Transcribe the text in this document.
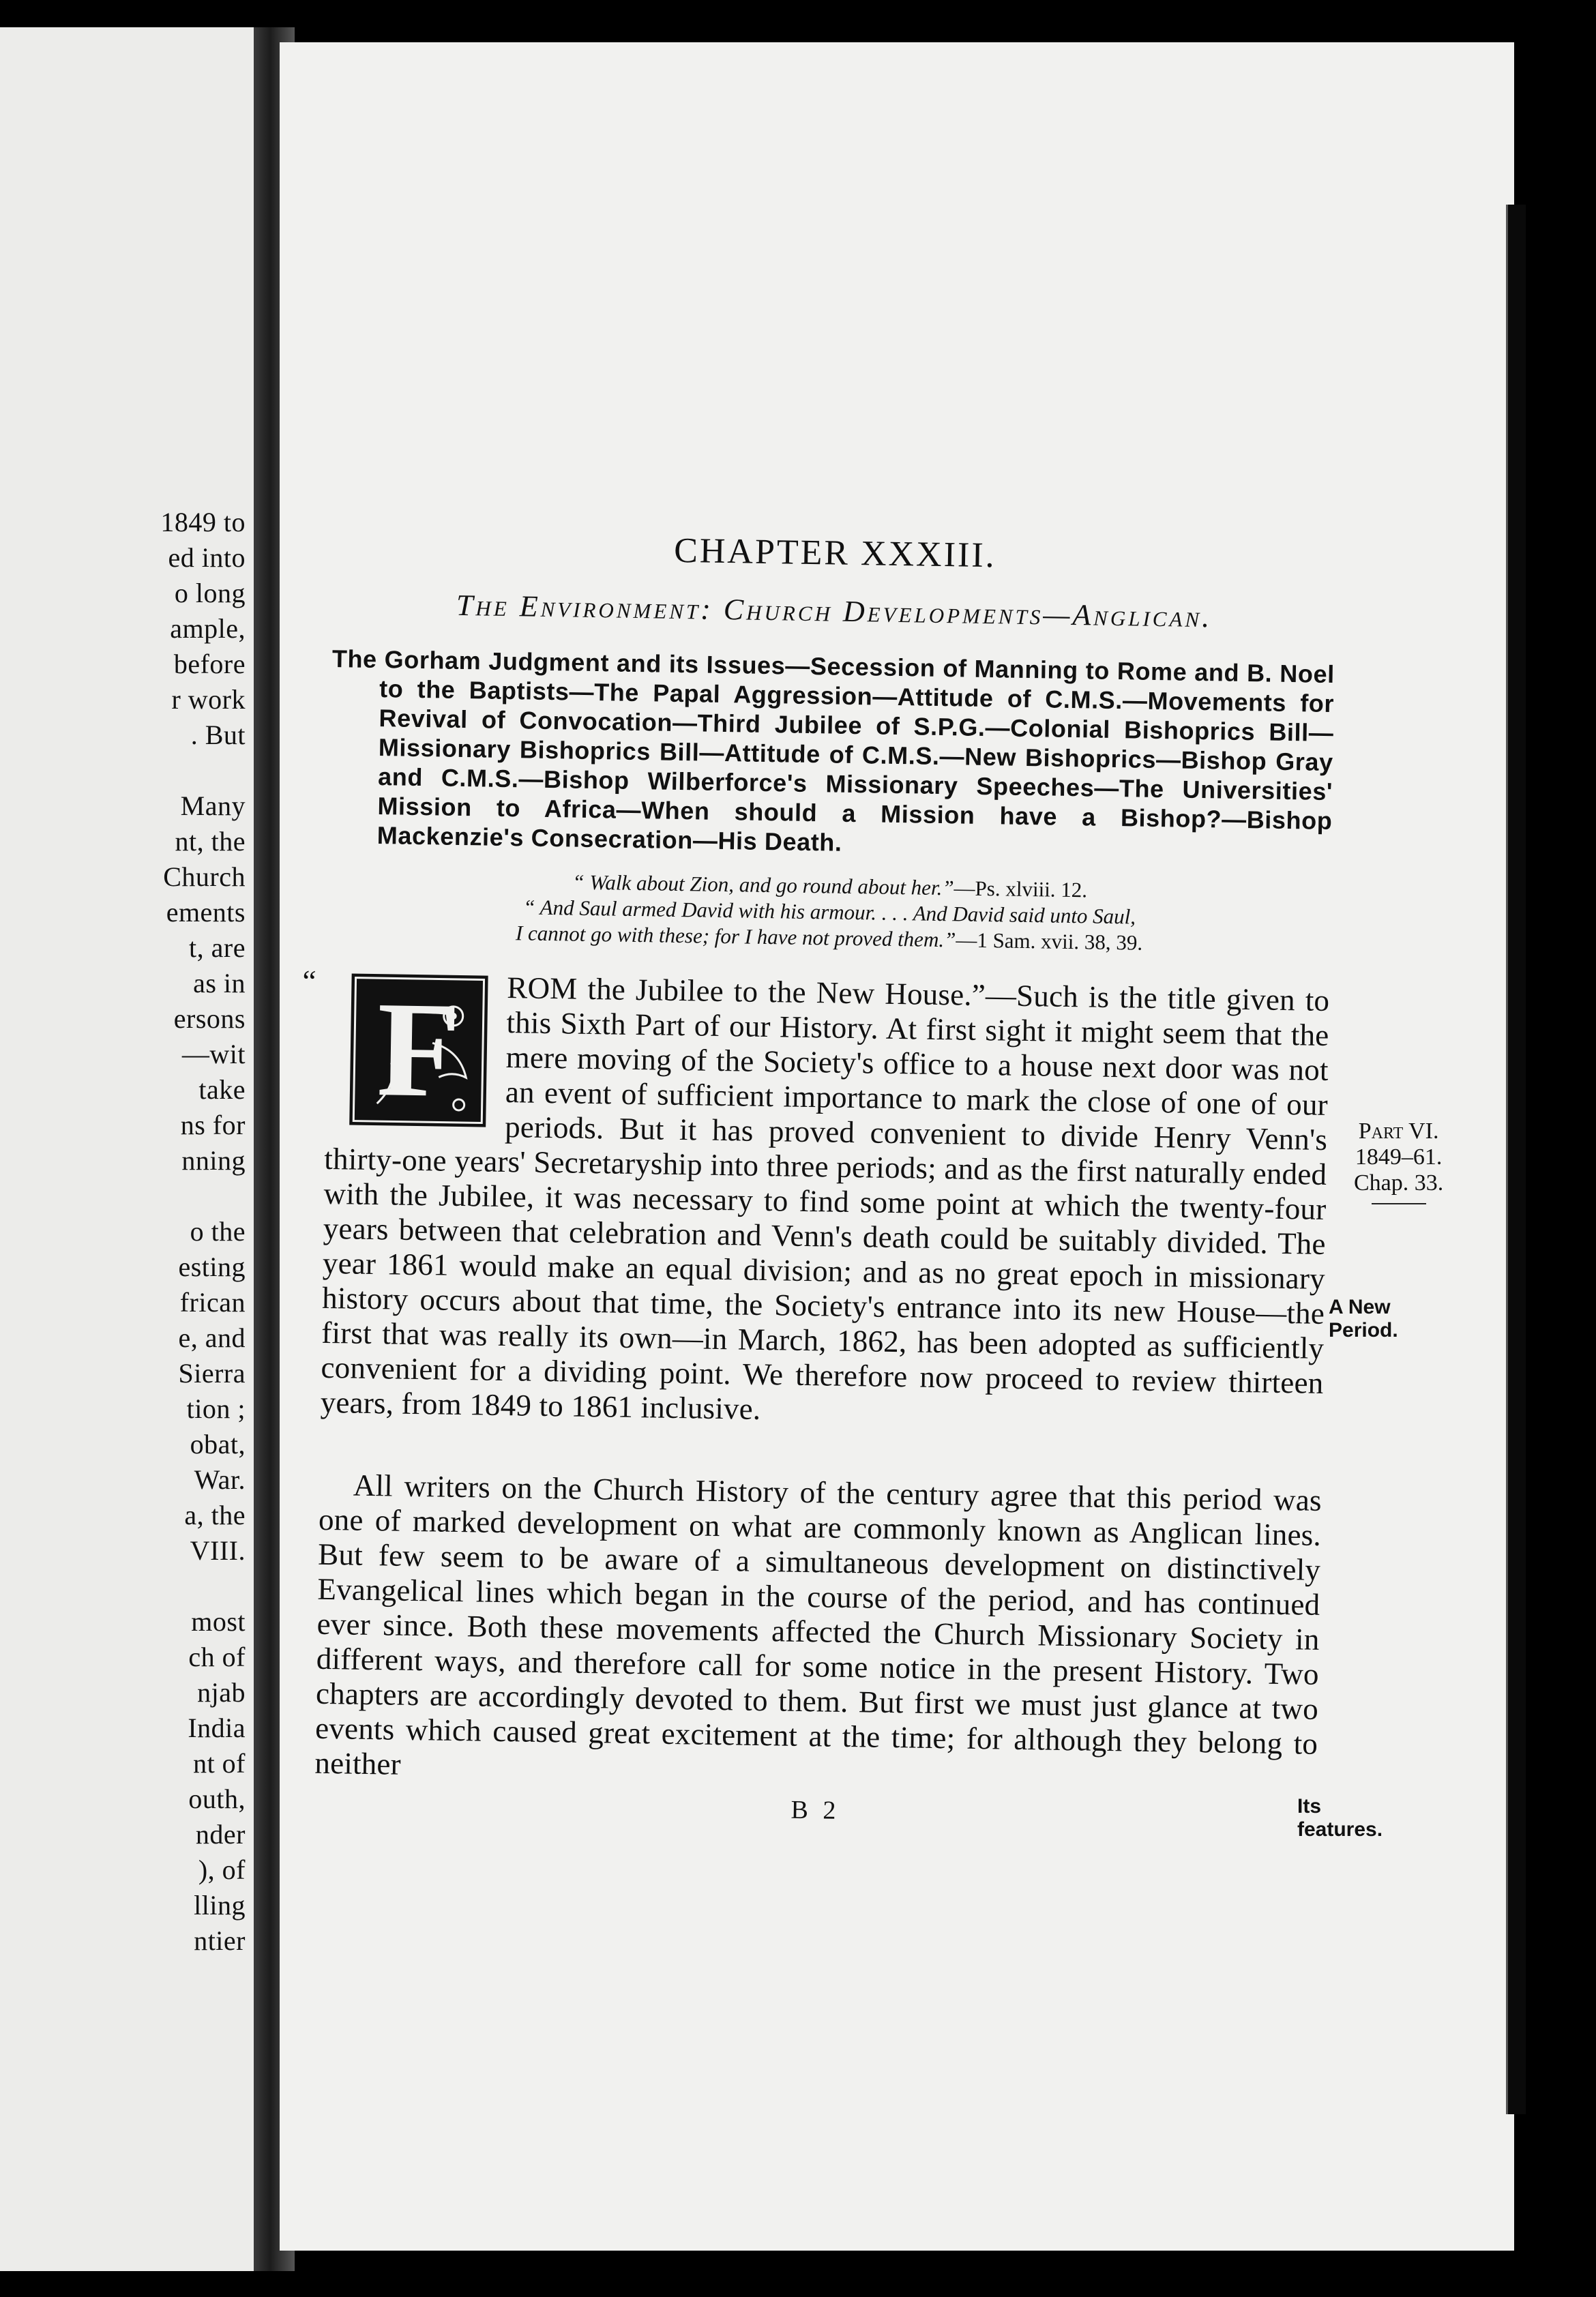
1849 to
ed into
o long
ample,
before
r work
. But
Many
nt, the
Church
ements
t, are
as in
ersons
—wit
take
ns for
nning
o the
esting
frican
e, and
Sierra
tion ;
obat,
War.
a, the
VIII.
most
ch of
njab
India
nt of
outh,
nder
), of
lling
ntier
CHAPTER XXXIII.
The Environment: Church Developments—Anglican.

The Gorham Judgment and its Issues—Secession of Manning to Rome and B. Noel to the Baptists—The Papal Aggression—Attitude of C.M.S.—Movements for Revival of Convocation—Third Jubilee of S.P.G.—Colonial Bishoprics Bill—Missionary Bishoprics Bill—Attitude of C.M.S.—New Bishoprics—Bishop Gray and C.M.S.—Bishop Wilberforce's Missionary Speeches—The Universities' Mission to Africa—When should a Mission have a Bishop?—Bishop Mackenzie's Consecration—His Death.

“ Walk about Zion, and go round about her.”—Ps. xlviii. 12.
“ And Saul armed David with his armour. . . . And David said unto Saul,
I cannot go with these; for I have not proved them.”—1 Sam. xvii. 38, 39.

“ F	ROM the Jubilee to the New House.”—Such is the title given to this Sixth Part of our History. At first sight it might seem that the mere moving of the Society's office to a house next door was not an event of sufficient importance to mark the close of one of our periods. But it has proved convenient to divide Henry Venn's thirty-one years' Secretaryship into three periods; and as the first naturally ended with the Jubilee, it was necessary to find some point at which the twenty-four years between that celebration and Venn's death could be suitably divided. The year 1861 would make an equal division; and as no great epoch in missionary history occurs about that time, the Society's entrance into its new House—the first that was really its own—in March, 1862, has been adopted as sufficiently convenient for a dividing point. We therefore now proceed to review thirteen years, from 1849 to 1861 inclusive.

All writers on the Church History of the century agree that this period was one of marked development on what are commonly known as Anglican lines. But few seem to be aware of a simultaneous development on distinctively Evangelical lines which began in the course of the period, and has continued ever since. Both these movements affected the Church Missionary Society in different ways, and therefore call for some notice in the present History. Two chapters are accordingly devoted to them. But first we must just glance at two events which caused great excitement at the time; for although they belong to neither

B 2
Part VI.
1849–61.
Chap. 33.
A New
Period.
Its
features.
